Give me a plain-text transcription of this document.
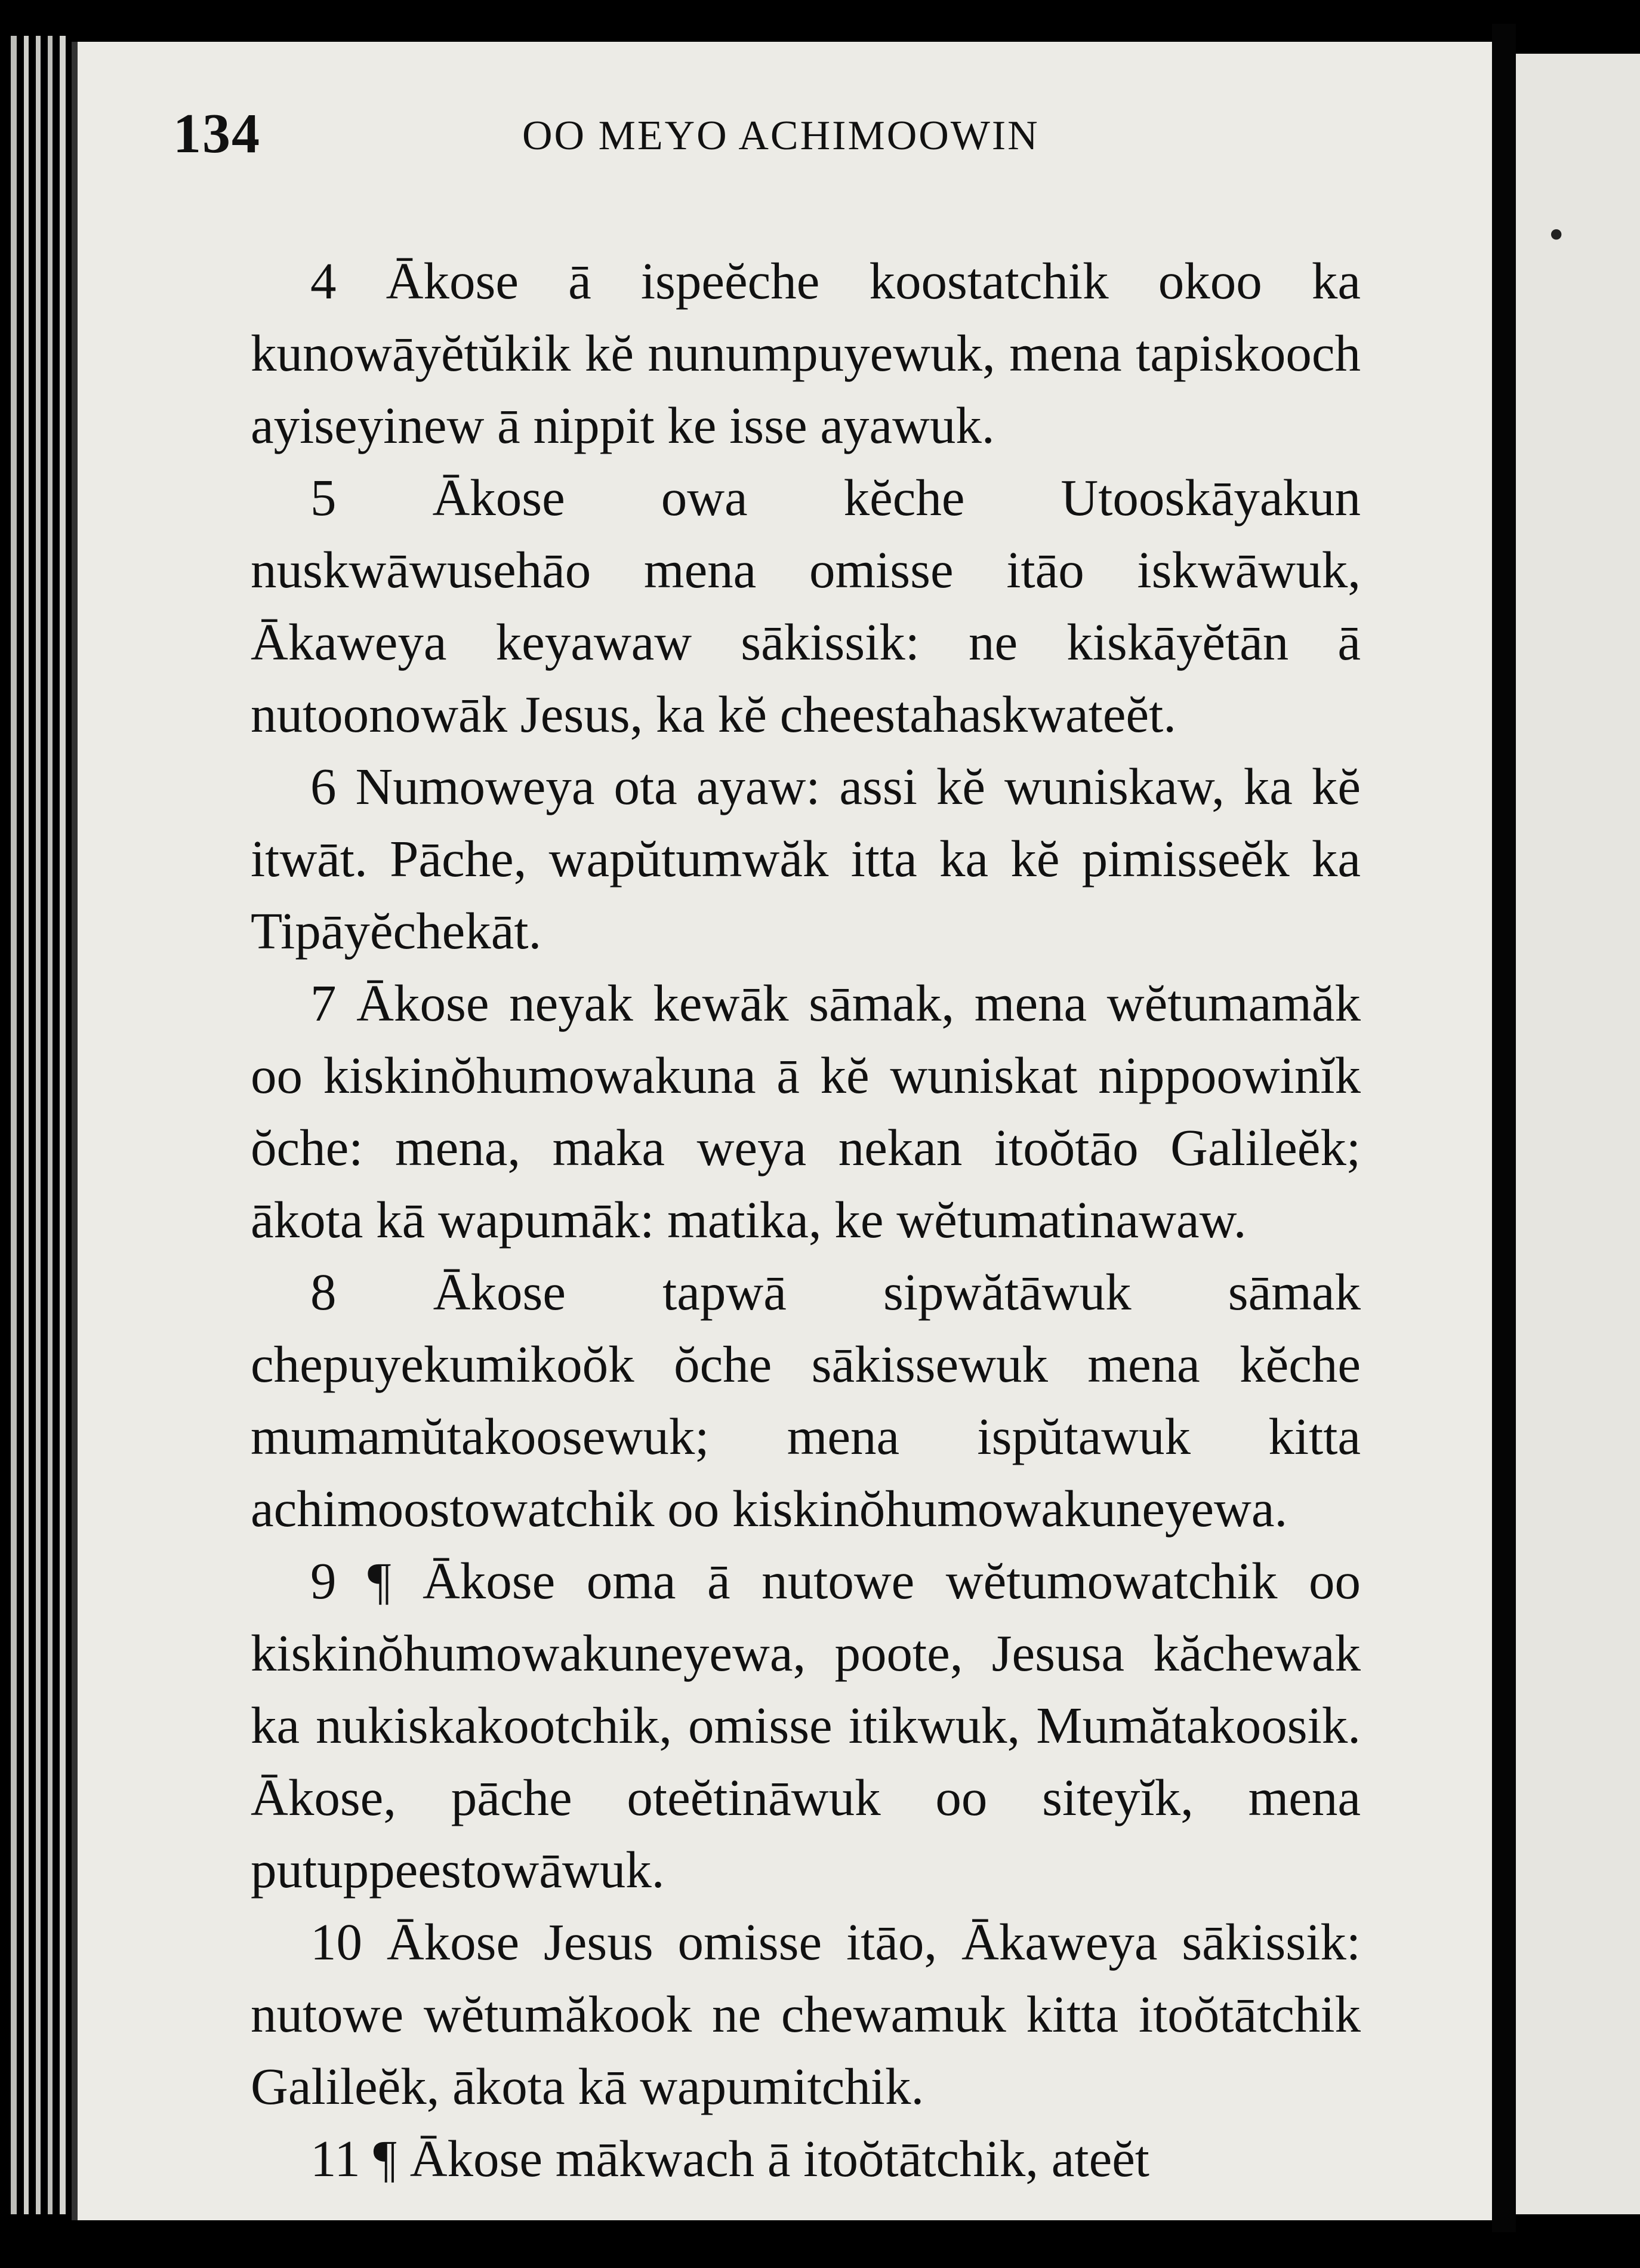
134	OO MEYO ACHIMOOWIN

4 Ākose ā ispeĕche koostatchik okoo ka kunowāyĕtŭkik kĕ nunumpuyewuk, mena tapiskooch ayiseyinew ā nippit ke isse ayawuk.

5 Ākose owa kĕche Utooskāyakun nuskwāwusehāo mena omisse itāo iskwāwuk, Ākaweya keyawaw sākissik: ne kiskāyĕtān ā nutoonowāk Jesus, ka kĕ cheestahaskwateĕt.

6 Numoweya ota ayaw: assi kĕ wuniskaw, ka kĕ itwāt. Pāche, wapŭtumwăk itta ka kĕ pimisseĕk ka Tipāyĕchekāt.

7 Ākose neyak kewāk sāmak, mena wĕtumamăk oo kiskinŏhumowakuna ā kĕ wuniskat nippoowinĭk ŏche: mena, maka weya nekan itoŏtāo Galileĕk; ākota kā wapumāk: matika, ke wĕtumatinawaw.

8 Ākose tapwā sipwătāwuk sāmak chepuyekumikoŏk ŏche sākissewuk mena kĕche mumamŭtakoosewuk; mena ispŭtawuk kitta achimoostowatchik oo kiskinŏhumowakuneyewa.

9 ¶ Ākose oma ā nutowe wĕtumowatchik oo kiskinŏhumowakuneyewa, poote, Jesusa kăchewak ka nukiskakootchik, omisse itikwuk, Mumătakoosik. Ākose, pāche oteĕtināwuk oo siteyĭk, mena putuppeestowāwuk.

10 Ākose Jesus omisse itāo, Ākaweya sākissik: nutowe wĕtumăkook ne chewamuk kitta itoŏtātchik Galileĕk, ākota kā wapumitchik.

11 ¶ Ākose mākwach ā itoŏtātchik, ateĕt

•
